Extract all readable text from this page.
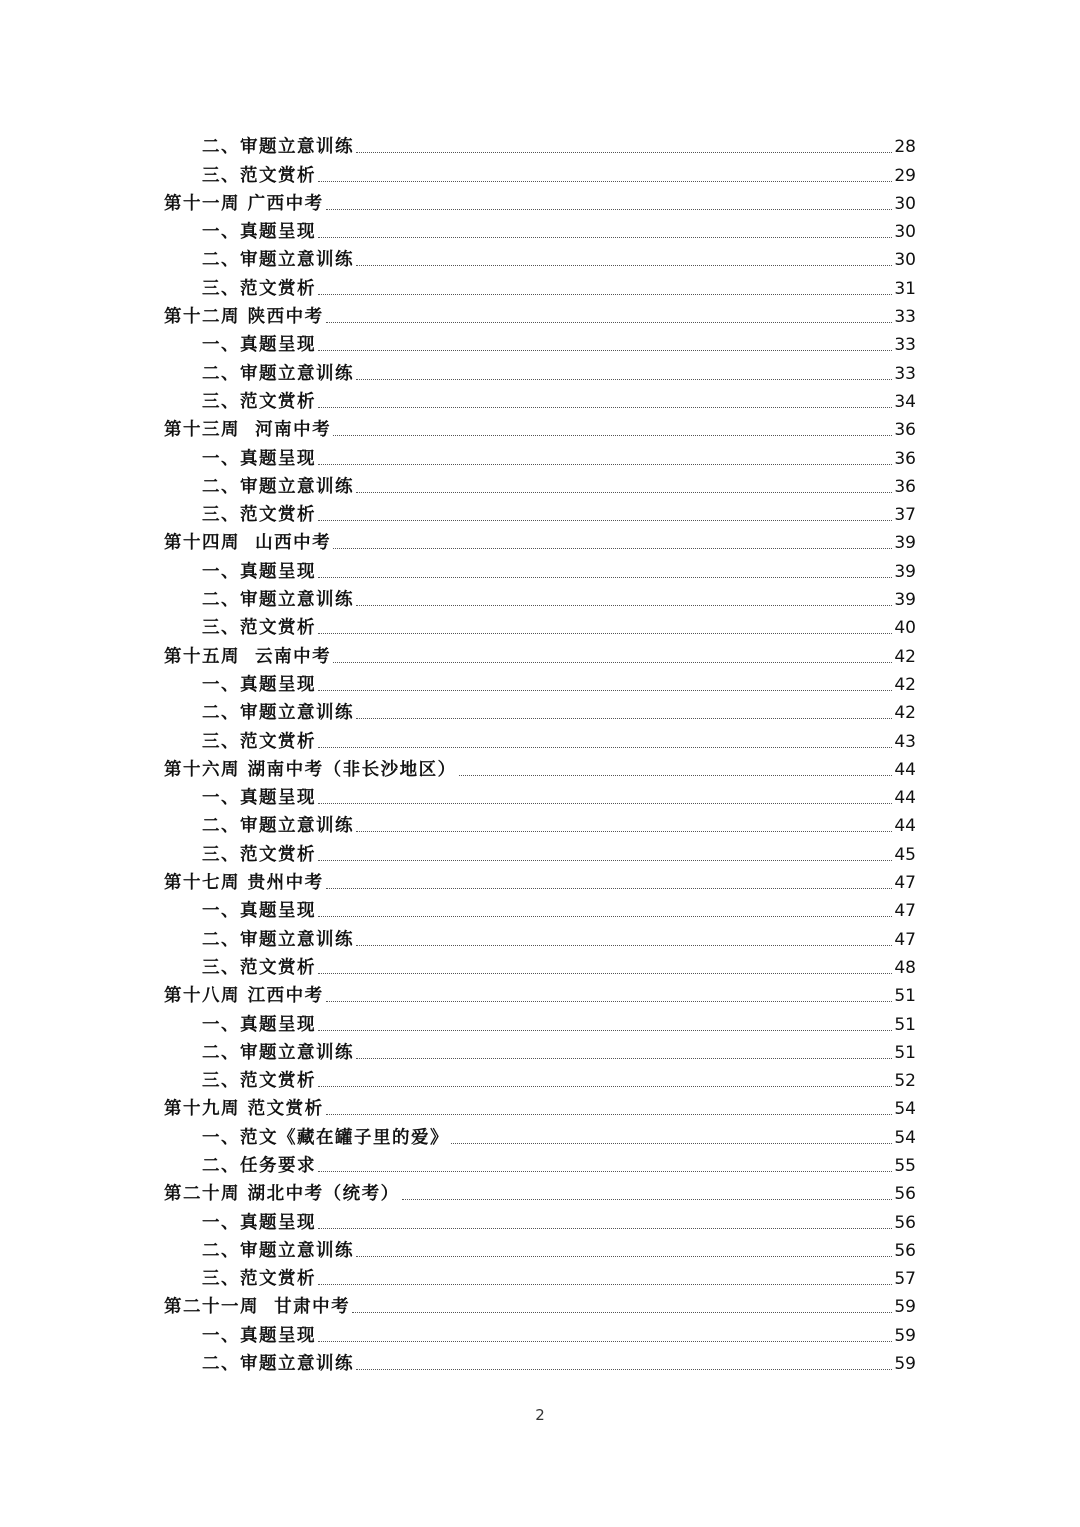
二、审题立意训练	28
三、范文赏析	29
第十一周 广西中考	30
一、真题呈现	30
二、审题立意训练	30
三、范文赏析	31
第十二周 陕西中考	33
一、真题呈现	33
二、审题立意训练	33
三、范文赏析	34
第十三周  河南中考	36
一、真题呈现	36
二、审题立意训练	36
三、范文赏析	37
第十四周  山西中考	39
一、真题呈现	39
二、审题立意训练	39
三、范文赏析	40
第十五周  云南中考	42
一、真题呈现	42
二、审题立意训练	42
三、范文赏析	43
第十六周 湖南中考（非长沙地区）	44
一、真题呈现	44
二、审题立意训练	44
三、范文赏析	45
第十七周 贵州中考	47
一、真题呈现	47
二、审题立意训练	47
三、范文赏析	48
第十八周 江西中考	51
一、真题呈现	51
二、审题立意训练	51
三、范文赏析	52
第十九周 范文赏析	54
一、范文《藏在罐子里的爱》	54
二、任务要求	55
第二十周 湖北中考（统考）	56
一、真题呈现	56
二、审题立意训练	56
三、范文赏析	57
第二十一周  甘肃中考	59
一、真题呈现	59
二、审题立意训练	59
2
